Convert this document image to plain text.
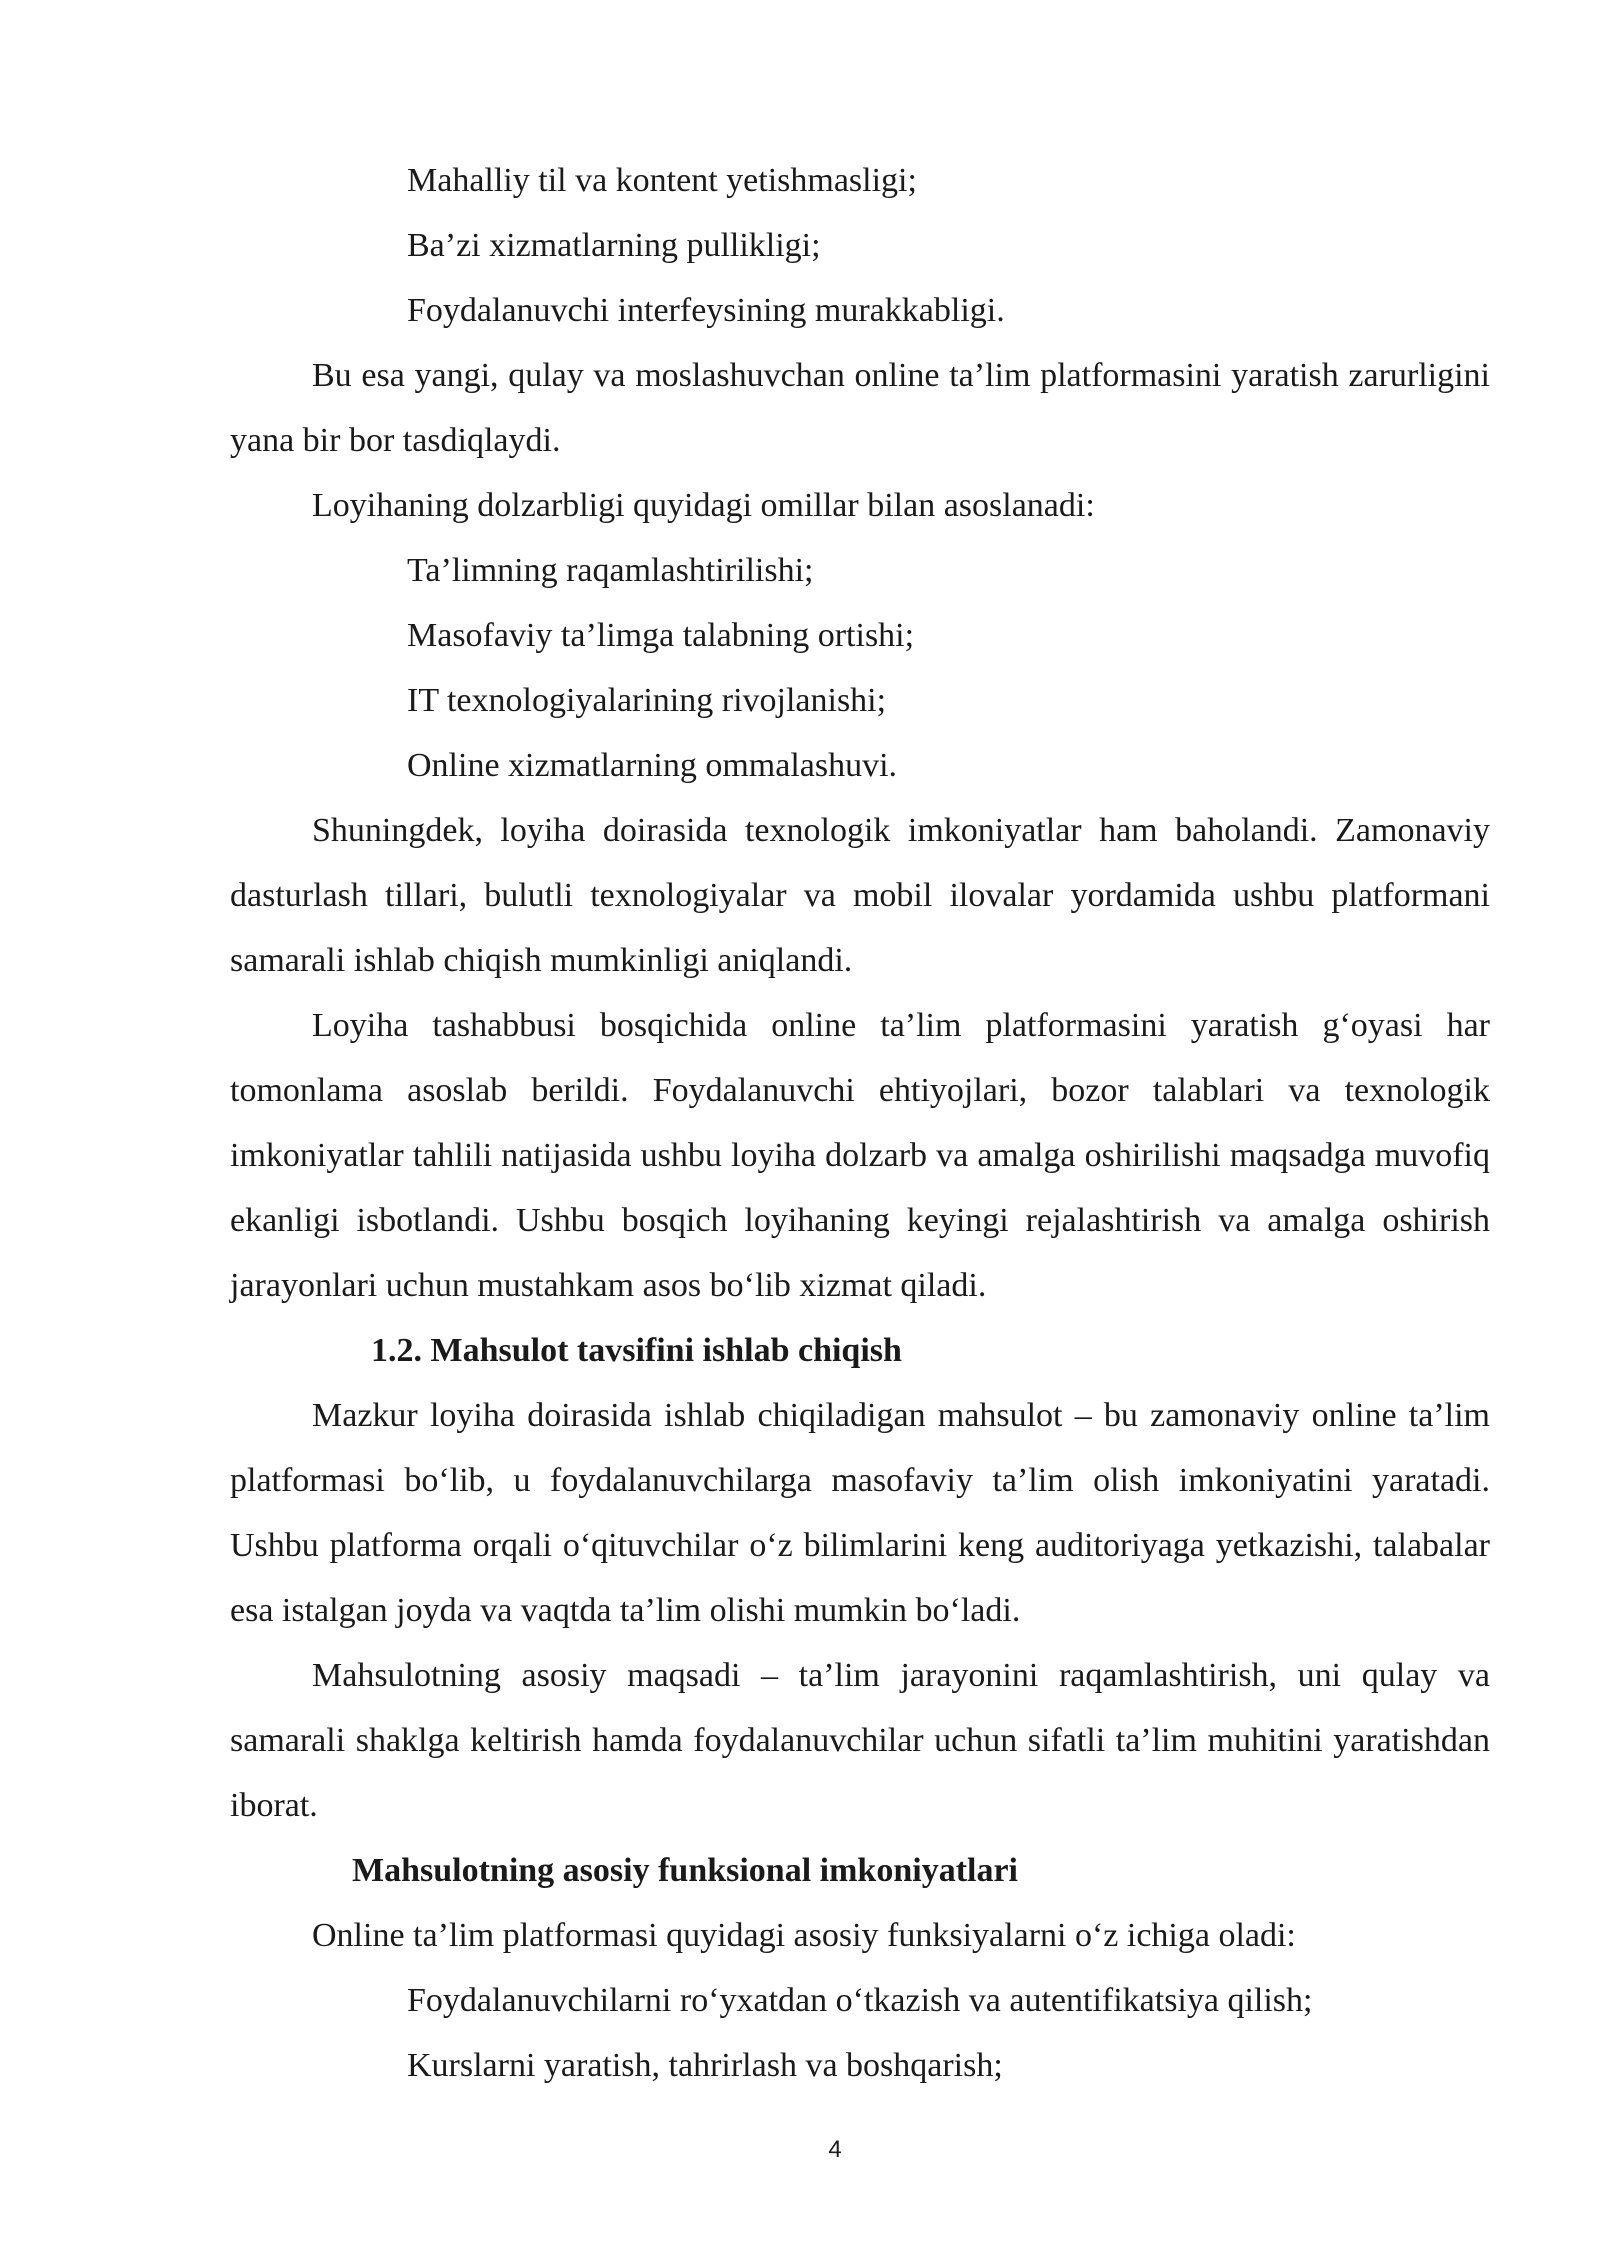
Mahalliy til va kontent yetishmasligi;

Ba’zi xizmatlarning pullikligi;

Foydalanuvchi interfeysining murakkabligi.

Bu esa yangi, qulay va moslashuvchan online ta’lim platformasini yaratish zarurligini yana bir bor tasdiqlaydi.

Loyihaning dolzarbligi quyidagi omillar bilan asoslanadi:

Ta’limning raqamlashtirilishi;

Masofaviy ta’limga talabning ortishi;

IT texnologiyalarining rivojlanishi;

Online xizmatlarning ommalashuvi.

Shuningdek, loyiha doirasida texnologik imkoniyatlar ham baholandi. Zamonaviy dasturlash tillari, bulutli texnologiyalar va mobil ilovalar yordamida ushbu platformani samarali ishlab chiqish mumkinligi aniqlandi.

Loyiha tashabbusi bosqichida online ta’lim platformasini yaratish g‘oyasi har tomonlama asoslab berildi. Foydalanuvchi ehtiyojlari, bozor talablari va texnologik imkoniyatlar tahlili natijasida ushbu loyiha dolzarb va amalga oshirilishi maqsadga muvofiq ekanligi isbotlandi. Ushbu bosqich loyihaning keyingi rejalashtirish va amalga oshirish jarayonlari uchun mustahkam asos bo‘lib xizmat qiladi.

1.2. Mahsulot tavsifini ishlab chiqish

Mazkur loyiha doirasida ishlab chiqiladigan mahsulot – bu zamonaviy online ta’lim platformasi bo‘lib, u foydalanuvchilarga masofaviy ta’lim olish imkoniyatini yaratadi. Ushbu platforma orqali o‘qituvchilar o‘z bilimlarini keng auditoriyaga yetkazishi, talabalar esa istalgan joyda va vaqtda ta’lim olishi mumkin bo‘ladi.

Mahsulotning asosiy maqsadi – ta’lim jarayonini raqamlashtirish, uni qulay va samarali shaklga keltirish hamda foydalanuvchilar uchun sifatli ta’lim muhitini yaratishdan iborat.

Mahsulotning asosiy funksional imkoniyatlari

Online ta’lim platformasi quyidagi asosiy funksiyalarni o‘z ichiga oladi:

Foydalanuvchilarni ro‘yxatdan o‘tkazish va autentifikatsiya qilish;

Kurslarni yaratish, tahrirlash va boshqarish;

4
